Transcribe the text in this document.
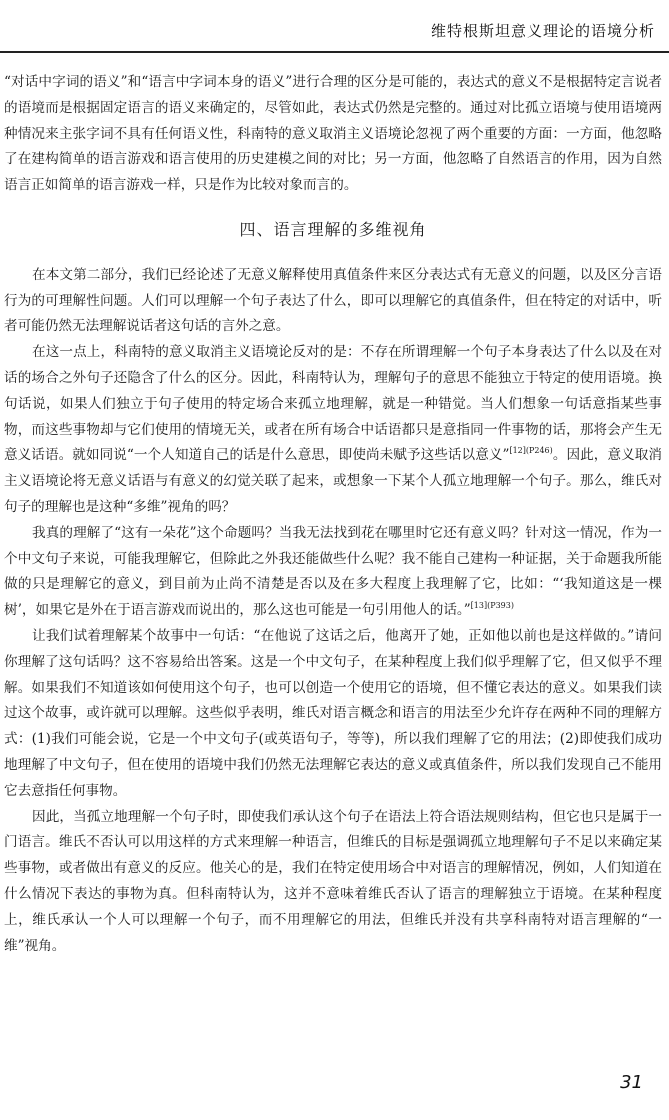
维特根斯坦意义理论的语境分析

“对话中字词的语义”和“语言中字词本身的语义”进行合理的区分是可能的，表达式的意义不是根据特定言说者的语境而是根据固定语言的语义来确定的，尽管如此，表达式仍然是完整的。通过对比孤立语境与使用语境两种情况来主张字词不具有任何语义性，科南特的意义取消主义语境论忽视了两个重要的方面：一方面，他忽略了在建构简单的语言游戏和语言使用的历史建模之间的对比；另一方面，他忽略了自然语言的作用，因为自然语言正如简单的语言游戏一样，只是作为比较对象而言的。

四、语言理解的多维视角

在本文第二部分，我们已经论述了无意义解释使用真值条件来区分表达式有无意义的问题，以及区分言语行为的可理解性问题。人们可以理解一个句子表达了什么，即可以理解它的真值条件，但在特定的对话中，听者可能仍然无法理解说话者这句话的言外之意。

在这一点上，科南特的意义取消主义语境论反对的是：不存在所谓理解一个句子本身表达了什么以及在对话的场合之外句子还隐含了什么的区分。因此，科南特认为，理解句子的意思不能独立于特定的使用语境。换句话说，如果人们独立于句子使用的特定场合来孤立地理解，就是一种错觉。当人们想象一句话意指某些事物，而这些事物却与它们使用的情境无关，或者在所有场合中话语都只是意指同一件事物的话，那将会产生无意义话语。就如同说“一个人知道自己的话是什么意思，即使尚未赋予这些话以意义”$^{[12](P246)}$。因此，意义取消主义语境论将无意义话语与有意义的幻觉关联了起来，或想象一下某个人孤立地理解一个句子。那么，维氏对句子的理解也是这种“多维”视角的吗？

我真的理解了“这有一朵花”这个命题吗？当我无法找到花在哪里时它还有意义吗？针对这一情况，作为一个中文句子来说，可能我理解它，但除此之外我还能做些什么呢？我不能自己建构一种证据，关于命题我所能做的只是理解它的意义，到目前为止尚不清楚是否以及在多大程度上我理解了它，比如：“‘我知道这是一棵树’，如果它是外在于语言游戏而说出的，那么这也可能是一句引用他人的话。”$^{[13](P393)}$

让我们试着理解某个故事中一句话：“在他说了这话之后，他离开了她，正如他以前也是这样做的。”请问你理解了这句话吗？这不容易给出答案。这是一个中文句子，在某种程度上我们似乎理解了它，但又似乎不理解。如果我们不知道该如何使用这个句子，也可以创造一个使用它的语境，但不懂它表达的意义。如果我们读过这个故事，或许就可以理解。这些似乎表明，维氏对语言概念和语言的用法至少允许存在两种不同的理解方式：(1)我们可能会说，它是一个中文句子(或英语句子，等等)，所以我们理解了它的用法；(2)即使我们成功地理解了中文句子，但在使用的语境中我们仍然无法理解它表达的意义或真值条件，所以我们发现自己不能用它去意指任何事物。

因此，当孤立地理解一个句子时，即使我们承认这个句子在语法上符合语法规则结构，但它也只是属于一门语言。维氏不否认可以用这样的方式来理解一种语言，但维氏的目标是强调孤立地理解句子不足以来确定某些事物，或者做出有意义的反应。他关心的是，我们在特定使用场合中对语言的理解情况，例如，人们知道在什么情况下表达的事物为真。但科南特认为，这并不意味着维氏否认了语言的理解独立于语境。在某种程度上，维氏承认一个人可以理解一个句子，而不用理解它的用法，但维氏并没有共享科南特对语言理解的“一维”视角。

31
